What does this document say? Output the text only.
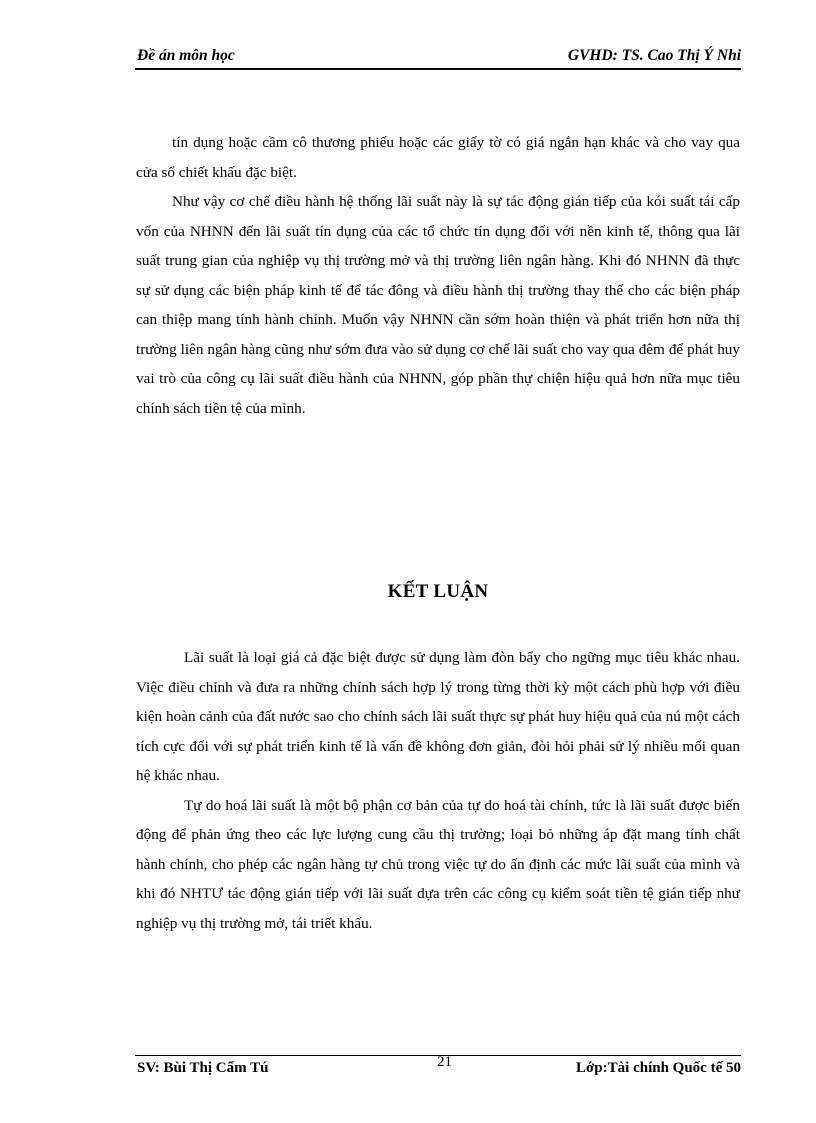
Đề án môn học	GVHD: TS. Cao Thị Ý Nhi

tín dụng hoặc cầm cô thương phiếu hoặc các giấy tờ có giá ngắn hạn khác và cho vay qua cửa sổ chiết khấu đặc biệt.

Như vậy cơ chế điều hành hệ thống lãi suất này là sự tác động gián tiếp của kói suất tái cấp vốn của NHNN đến lãi suất tín dụng của các tổ chức tín dụng đối với nền kinh tế, thông qua lãi suất trung gian của nghiệp vụ thị trường mở và thị trường liên ngân hàng. Khi đó NHNN đã thực sự sử dụng các biện pháp kinh tế để tác đông và điều hành thị trường thay thế cho các biện pháp can thiệp mang tính hành chính. Muốn vậy NHNN cần sớm hoàn thiện và phát triển hơn nữa thị trường liên ngân hàng cũng như sớm đưa vào sử dụng cơ chế lãi suất cho vay qua đêm để phát huy vai trò của công cụ lãi suất điều hành của NHNN, góp phần thự chiện hiệu quả hơn nữa mục tiêu chính sách tiền tệ của mình.

KẾT LUẬN

Lãi suất là loại giá cả đặc biệt được sử dụng làm đòn bẩy cho ngững mục tiêu khác nhau. Việc điều chỉnh và đưa ra những chính sách hợp lý trong từng thời kỳ một cách phù hợp với điều kiện hoàn cảnh của đất nước sao cho chính sách lãi suất thực sự phát huy hiệu quả của nú một cách tích cực đối với sự phát triển kinh tế là vấn đề không đơn giản, đòi hỏi phải sử lý nhiều mối quan hệ khác nhau.

Tự do hoá lãi suất là một bộ phận cơ bản của tự do hoá tài chính, tức là lãi suất được biến động để phản ứng theo các lực lượng cung cầu thị trường; loại bỏ những áp đặt mang tính chất hành chính, cho phép các ngân hàng tự chủ trong việc tự do ấn định các mức lãi suất của mình và khi đó NHTƯ tác động gián tiếp với lãi suất dựa trên các công cụ kiểm soát tiền tệ gián tiếp như nghiệp vụ thị trường mở, tái triết khấu.

SV: Bùi Thị Cẩm Tú	21	Lớp:Tài chính Quốc tế 50
